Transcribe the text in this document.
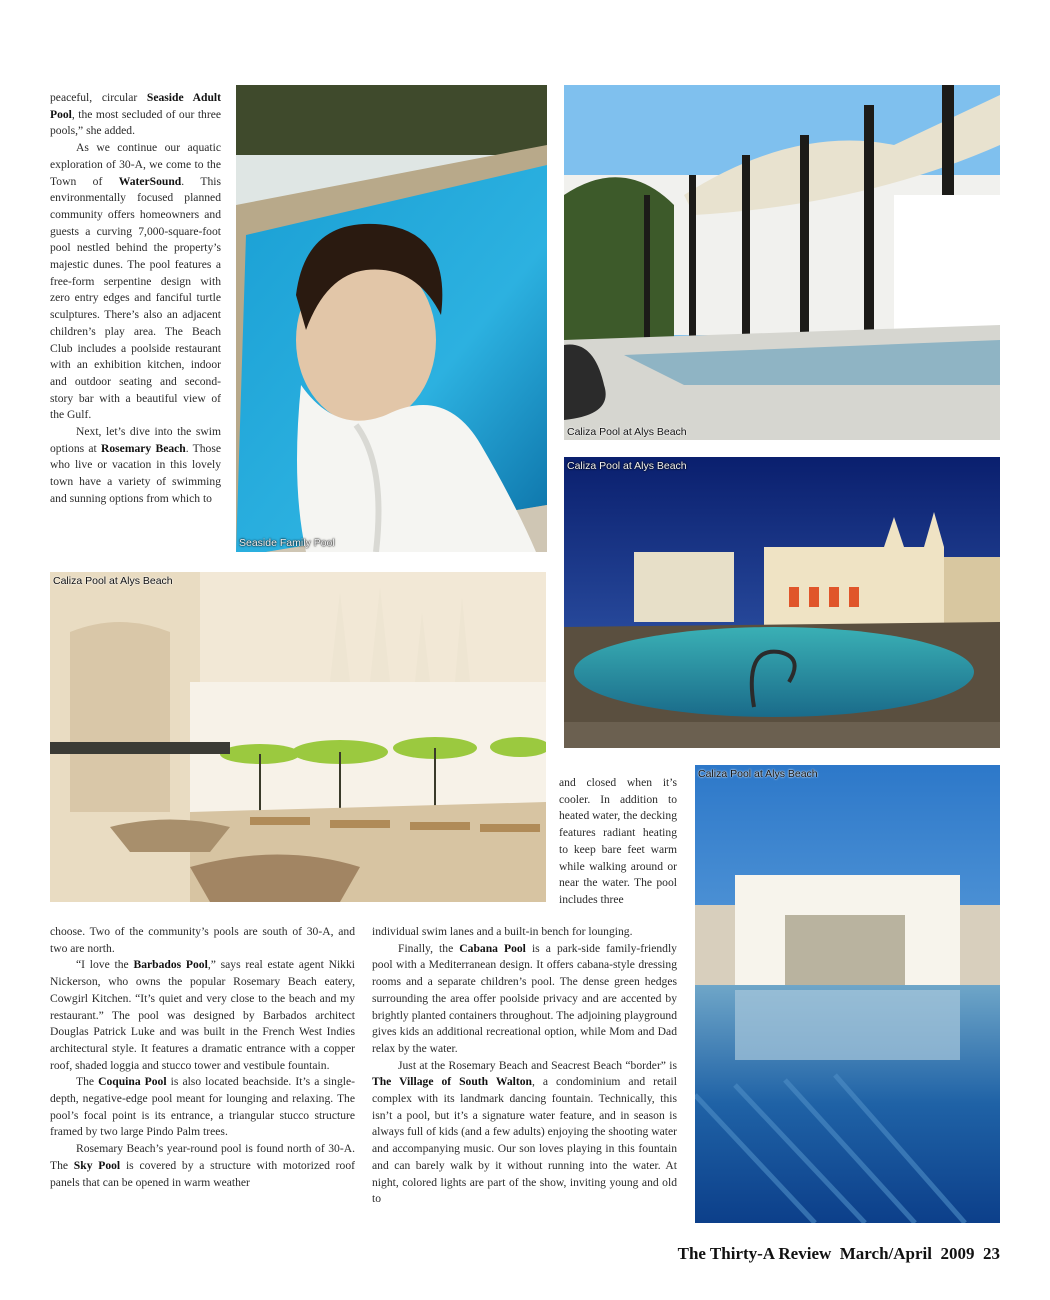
peaceful, circular Seaside Adult Pool, the most secluded of our three pools,” she added.

As we continue our aquatic exploration of 30-A, we come to the Town of WaterSound. This environmentally focused planned community offers homeowners and guests a curving 7,000-square-foot pool nestled behind the property’s majestic dunes. The pool features a free-form serpentine design with zero entry edges and fanciful turtle sculptures. There’s also an adjacent children’s play area. The Beach Club includes a poolside restaurant with an exhibition kitchen, indoor and outdoor seating and second-story bar with a beautiful view of the Gulf.

Next, let’s dive into the swim options at Rosemary Beach. Those who live or vacation in this lovely town have a variety of swimming and sunning options from which to

Seaside Family Pool
Caliza Pool at Alys Beach
Caliza Pool at Alys Beach
Caliza Pool at Alys Beach
Caliza Pool at Alys Beach

and closed when it’s cooler. In addition to heated water, the decking features radiant heating to keep bare feet warm while walking around or near the water. The pool includes three

choose. Two of the community’s pools are south of 30-A, and two are north.

“I love the Barbados Pool,” says real estate agent Nikki Nickerson, who owns the popular Rosemary Beach eatery, Cowgirl Kitchen. “It’s quiet and very close to the beach and my restaurant.” The pool was designed by Barbados architect Douglas Patrick Luke and was built in the French West Indies architectural style. It features a dramatic entrance with a copper roof, shaded loggia and stucco tower and vestibule fountain.

The Coquina Pool is also located beachside. It’s a single-depth, negative-edge pool meant for lounging and relaxing. The pool’s focal point is its entrance, a triangular stucco structure framed by two large Pindo Palm trees.

Rosemary Beach’s year-round pool is found north of 30-A. The Sky Pool is covered by a structure with motorized roof panels that can be opened in warm weather

individual swim lanes and a built-in bench for lounging.

Finally, the Cabana Pool is a park-side family-friendly pool with a Mediterranean design. It offers cabana-style dressing rooms and a separate children’s pool. The dense green hedges surrounding the area offer poolside privacy and are accented by brightly planted containers throughout. The adjoining playground gives kids an additional recreational option, while Mom and Dad relax by the water.

Just at the Rosemary Beach and Seacrest Beach “border” is The Village of South Walton, a condominium and retail complex with its landmark dancing fountain. Technically, this isn’t a pool, but it’s a signature water feature, and in season is always full of kids (and a few adults) enjoying the shooting water and accompanying music. Our son loves playing in this fountain and can barely walk by it without running into the water. At night, colored lights are part of the show, inviting young and old to

The Thirty-A Review March/April 2009 23
